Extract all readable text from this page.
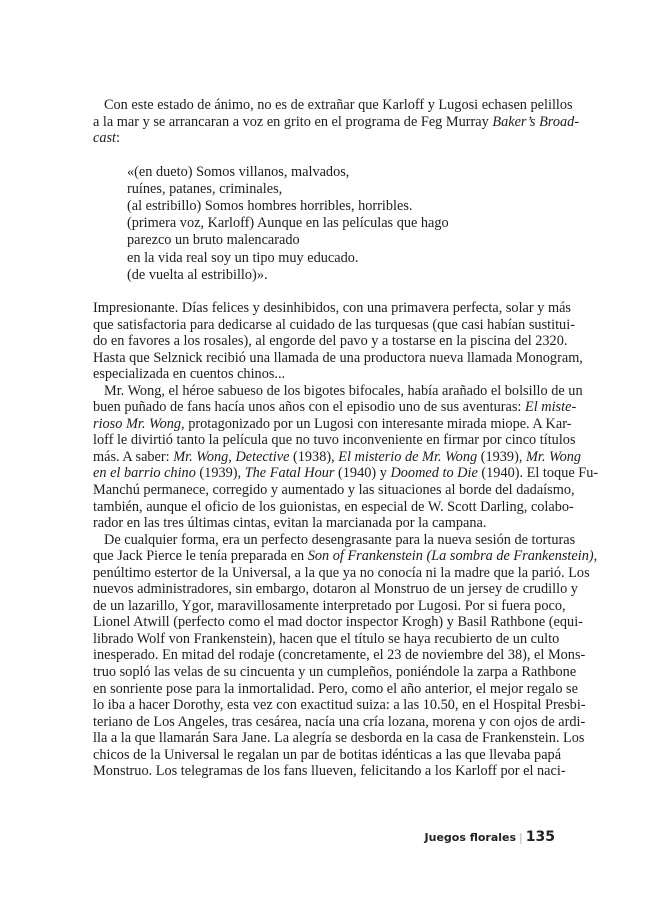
Con este estado de ánimo, no es de extrañar que Karloff y Lugosi echasen pelillos
a la mar y se arrancaran a voz en grito en el programa de Feg Murray Baker’s Broad-
cast:
«(en dueto) Somos villanos, malvados,
ruínes, patanes, criminales,
(al estribillo) Somos hombres horribles, horribles.
(primera voz, Karloff) Aunque en las películas que hago
parezco un bruto malencarado
en la vida real soy un tipo muy educado.
(de vuelta al estribillo)».
Impresionante. Días felices y desinhibidos, con una primavera perfecta, solar y más
que satisfactoria para dedicarse al cuidado de las turquesas (que casi habían sustitui-
do en favores a los rosales), al engorde del pavo y a tostarse en la piscina del 2320.
Hasta que Selznick recibió una llamada de una productora nueva llamada Monogram,
especializada en cuentos chinos...
Mr. Wong, el héroe sabueso de los bigotes bifocales, había arañado el bolsillo de un
buen puñado de fans hacía unos años con el episodio uno de sus aventuras: El miste-
rioso Mr. Wong, protagonizado por un Lugosi con interesante mirada miope. A Kar-
loff le divirtió tanto la película que no tuvo inconveniente en firmar por cinco títulos
más. A saber: Mr. Wong, Detective (1938), El misterio de Mr. Wong (1939), Mr. Wong
en el barrio chino (1939), The Fatal Hour (1940) y Doomed to Die (1940). El toque Fu-
Manchú permanece, corregido y aumentado y las situaciones al borde del dadaísmo,
también, aunque el oficio de los guionistas, en especial de W. Scott Darling, colabo-
rador en las tres últimas cintas, evitan la marcianada por la campana.
De cualquier forma, era un perfecto desengrasante para la nueva sesión de torturas
que Jack Pierce le tenía preparada en Son of Frankenstein (La sombra de Frankenstein),
penúltimo estertor de la Universal, a la que ya no conocía ni la madre que la parió. Los
nuevos administradores, sin embargo, dotaron al Monstruo de un jersey de crudillo y
de un lazarillo, Ygor, maravillosamente interpretado por Lugosi. Por si fuera poco,
Lionel Atwill (perfecto como el mad doctor inspector Krogh) y Basil Rathbone (equi-
librado Wolf von Frankenstein), hacen que el título se haya recubierto de un culto
inesperado. En mitad del rodaje (concretamente, el 23 de noviembre del 38), el Mons-
truo sopló las velas de su cincuenta y un cumpleños, poniéndole la zarpa a Rathbone
en sonriente pose para la inmortalidad. Pero, como el año anterior, el mejor regalo se
lo iba a hacer Dorothy, esta vez con exactitud suiza: a las 10.50, en el Hospital Presbi-
teriano de Los Angeles, tras cesárea, nacía una cría lozana, morena y con ojos de ardi-
lla a la que llamarán Sara Jane. La alegría se desborda en la casa de Frankenstein. Los
chicos de la Universal le regalan un par de botitas idénticas a las que llevaba papá
Monstruo. Los telegramas de los fans llueven, felicitando a los Karloff por el naci-
Juegos florales | 135
